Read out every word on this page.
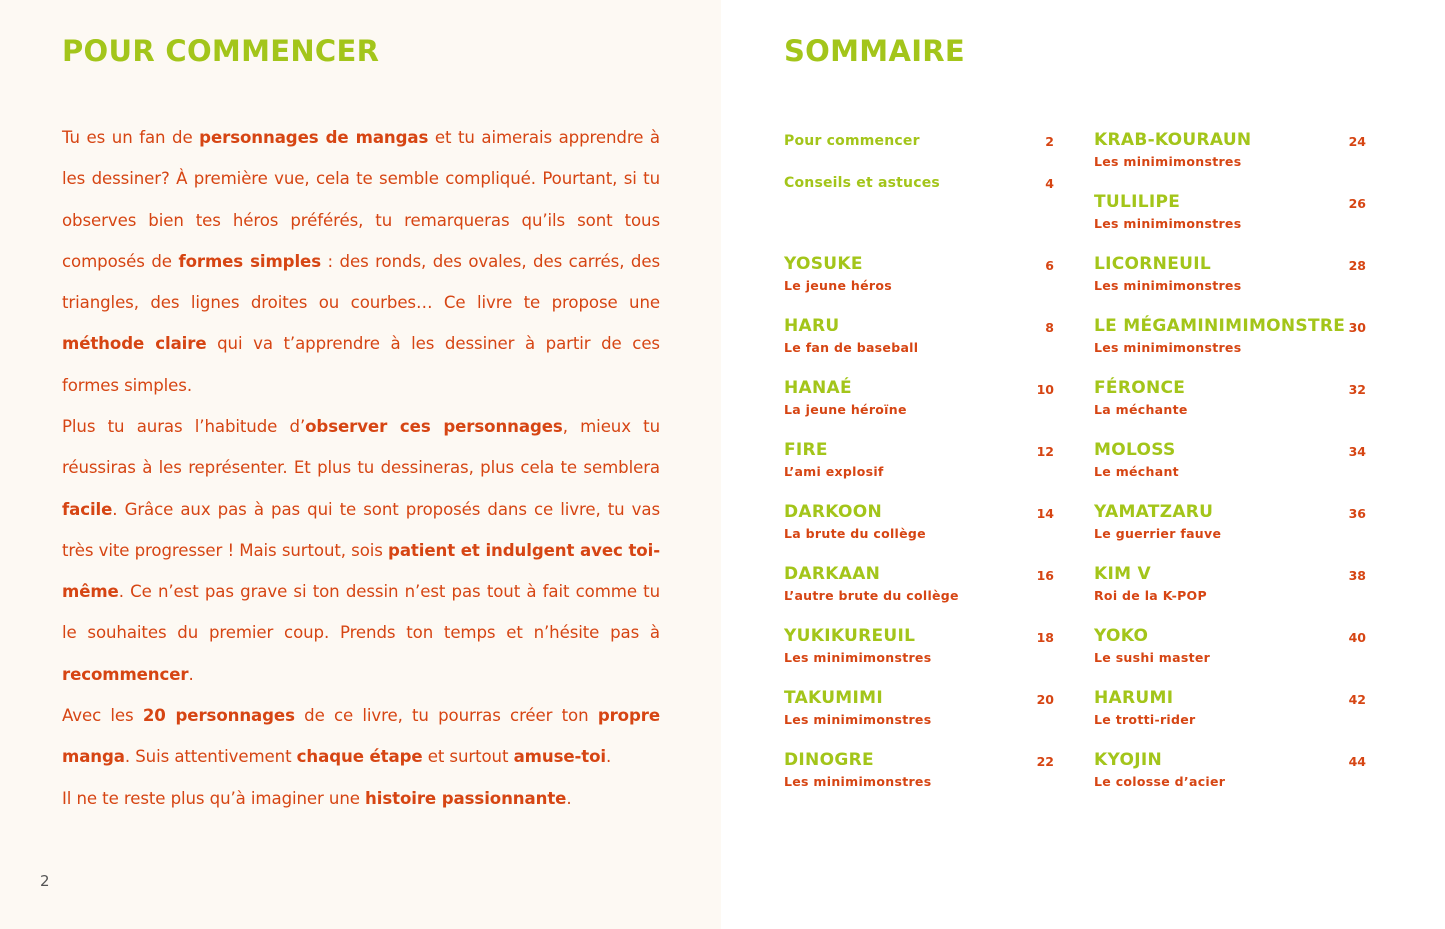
POUR COMMENCER

Tu es un fan de personnages de mangas et tu aimerais apprendre à les dessiner? À première vue, cela te semble compliqué. Pourtant, si tu observes bien tes héros préférés, tu remarqueras qu’ils sont tous composés de formes simples : des ronds, des ovales, des carrés, des triangles, des lignes droites ou courbes… Ce livre te propose une méthode claire qui va t’apprendre à les dessiner à partir de ces formes simples.

Plus tu auras l’habitude d’observer ces personnages, mieux tu réussiras à les représenter. Et plus tu dessineras, plus cela te semblera facile. Grâce aux pas à pas qui te sont proposés dans ce livre, tu vas très vite progresser ! Mais surtout, sois patient et indulgent avec toi-même. Ce n’est pas grave si ton dessin n’est pas tout à fait comme tu le souhaites du premier coup. Prends ton temps et n’hésite pas à recommencer.

Avec les 20 personnages de ce livre, tu pourras créer ton propre manga. Suis attentivement chaque étape et surtout amuse-toi.
Il ne te reste plus qu’à imaginer une histoire passionnante.

2
SOMMAIRE
Pour commencer	2
Conseils et astuces	4
YOSUKE
Le jeune héros
6
HARU
Le fan de baseball
8
HANAÉ
La jeune héroïne
10
FIRE
L’ami explosif
12
DARKOON
La brute du collège
14
DARKAAN
L’autre brute du collège
16
YUKIKUREUIL
Les minimimonstres
18
TAKUMIMI
Les minimimonstres
20
DINOGRE
Les minimimonstres
22
KRAB-KOURAUN
Les minimimonstres
24
TULILIPE
Les minimimonstres
26
LICORNEUIL
Les minimimonstres
28
LE MÉGAMINIMIMONSTRE
Les minimimonstres
30
FÉRONCE
La méchante
32
MOLOSS
Le méchant
34
YAMATZARU
Le guerrier fauve
36
KIM V
Roi de la K-POP
38
YOKO
Le sushi master
40
HARUMI
Le trotti-rider
42
KYOJIN
Le colosse d’acier
44
